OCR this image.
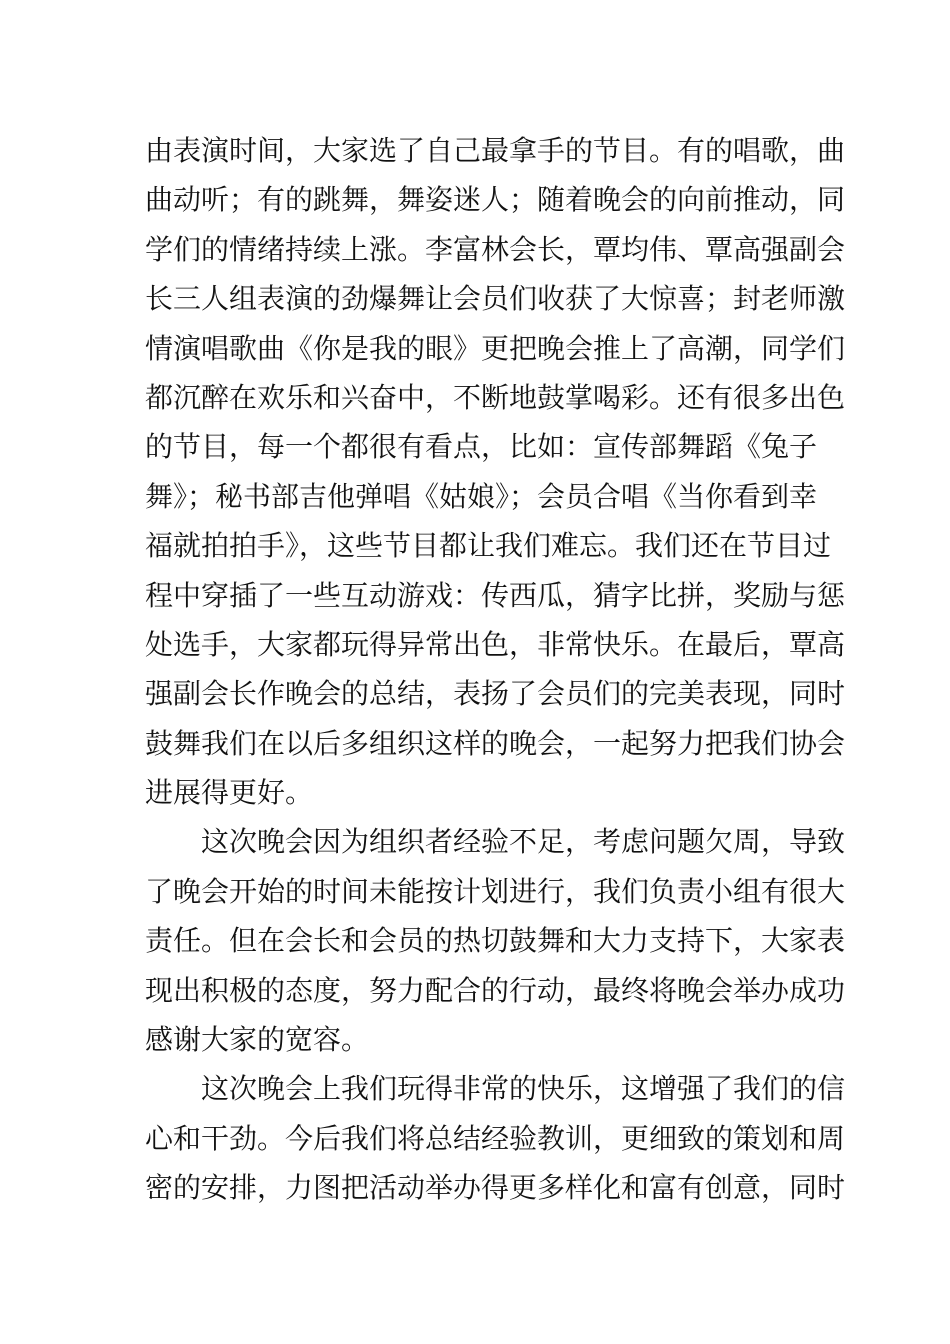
由表演时间，大家选了自己最拿手的节目。有的唱歌，曲
曲动听；有的跳舞，舞姿迷人；随着晚会的向前推动，同
学们的情绪持续上涨。李富林会长，覃均伟、覃高强副会
长三人组表演的劲爆舞让会员们收获了大惊喜；封老师激
情演唱歌曲《你是我的眼》更把晚会推上了高潮，同学们
都沉醉在欢乐和兴奋中，不断地鼓掌喝彩。还有很多出色
的节目，每一个都很有看点，比如：宣传部舞蹈《兔子
舞》；秘书部吉他弹唱《姑娘》；会员合唱《当你看到幸
福就拍拍手》，这些节目都让我们难忘。我们还在节目过
程中穿插了一些互动游戏：传西瓜，猜字比拼，奖励与惩
处选手，大家都玩得异常出色，非常快乐。在最后，覃高
强副会长作晚会的总结，表扬了会员们的完美表现，同时
鼓舞我们在以后多组织这样的晚会，一起努力把我们协会
进展得更好。
这次晚会因为组织者经验不足，考虑问题欠周，导致
了晚会开始的时间未能按计划进行，我们负责小组有很大
责任。但在会长和会员的热切鼓舞和大力支持下，大家表
现出积极的态度，努力配合的行动，最终将晚会举办成功
感谢大家的宽容。
这次晚会上我们玩得非常的快乐，这增强了我们的信
心和干劲。今后我们将总结经验教训，更细致的策划和周
密的安排，力图把活动举办得更多样化和富有创意，同时
